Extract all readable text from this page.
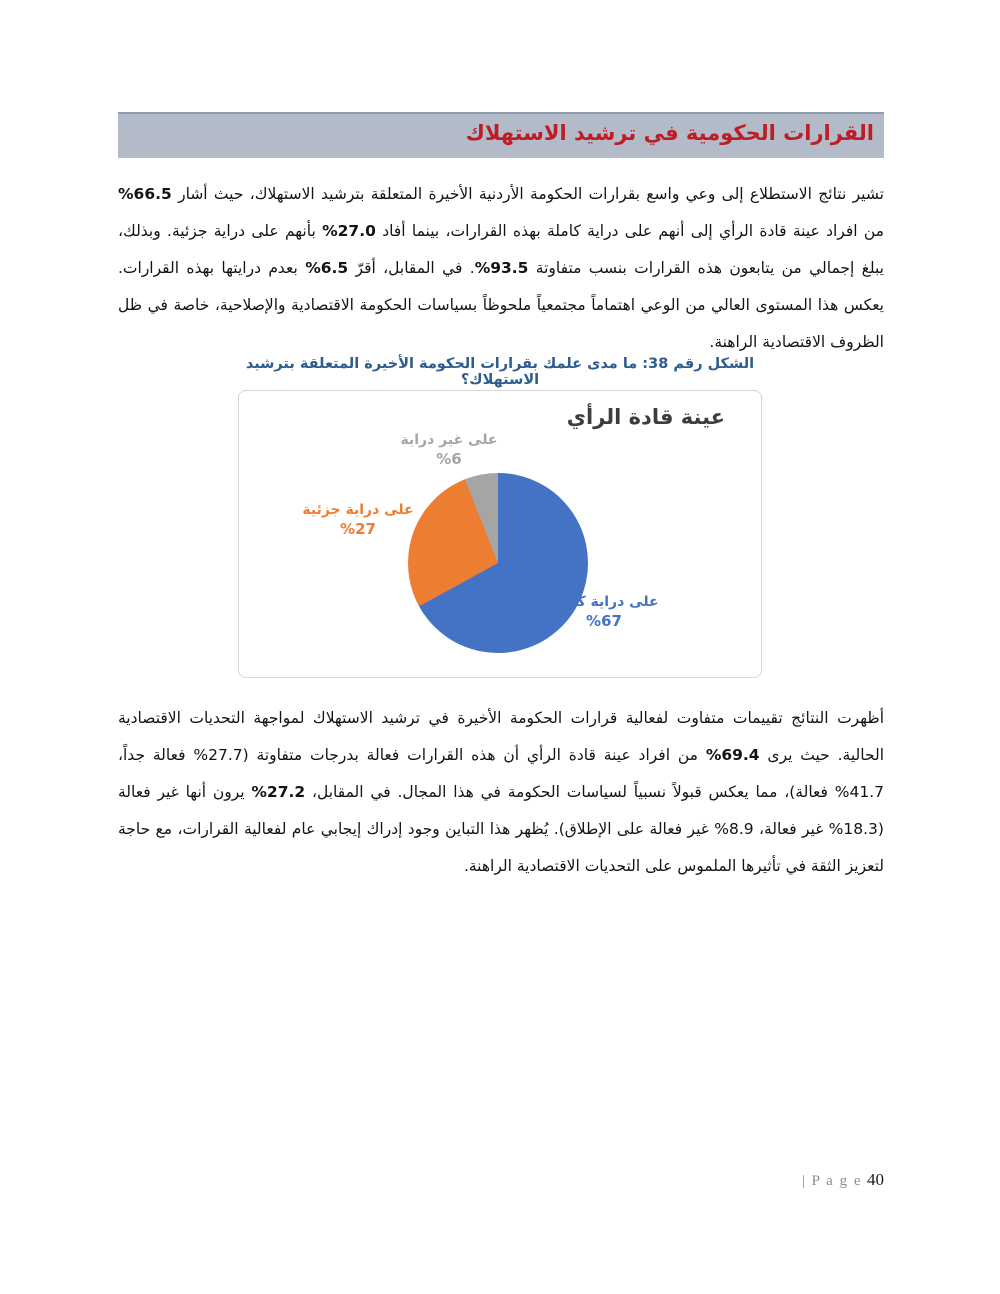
القرارات الحكومية في ترشيد الاستهلاك
تشير نتائج الاستطلاع إلى وعي واسع بقرارات الحكومة الأردنية الأخيرة المتعلقة بترشيد الاستهلاك، حيث أشار 66.5% من افراد عينة قادة الرأي إلى أنهم على دراية كاملة بهذه القرارات، بينما أفاد 27.0% بأنهم على دراية جزئية. وبذلك، يبلغ إجمالي من يتابعون هذه القرارات بنسب متفاوتة 93.5%. في المقابل، أقرّ 6.5% بعدم درايتها بهذه القرارات. يعكس هذا المستوى العالي من الوعي اهتماماً مجتمعياً ملحوظاً بسياسات الحكومة الاقتصادية والإصلاحية، خاصة في ظل الظروف الاقتصادية الراهنة.
الشكل رقم 38: ما مدى علمك بقرارات الحكومة الأخيرة المتعلقة بترشيد الاستهلاك؟
عينة قادة الرأي
على غير دراية
%6
على دراية جزئية
%27
على دراية كاملة
%67
أظهرت النتائج تقييمات متفاوت لفعالية قرارات الحكومة الأخيرة في ترشيد الاستهلاك لمواجهة التحديات الاقتصادية الحالية. حيث يرى 69.4% من افراد عينة قادة الرأي أن هذه القرارات فعالة بدرجات متفاوتة (27.7% فعالة جداً، 41.7% فعالة)، مما يعكس قبولاً نسبياً لسياسات الحكومة في هذا المجال. في المقابل، 27.2% يرون أنها غير فعالة (18.3% غير فعالة، 8.9% غير فعالة على الإطلاق). يُظهر هذا التباين وجود إدراك إيجابي عام لفعالية القرارات، مع حاجة لتعزيز الثقة في تأثيرها الملموس على التحديات الاقتصادية الراهنة.
| P a g e 40
